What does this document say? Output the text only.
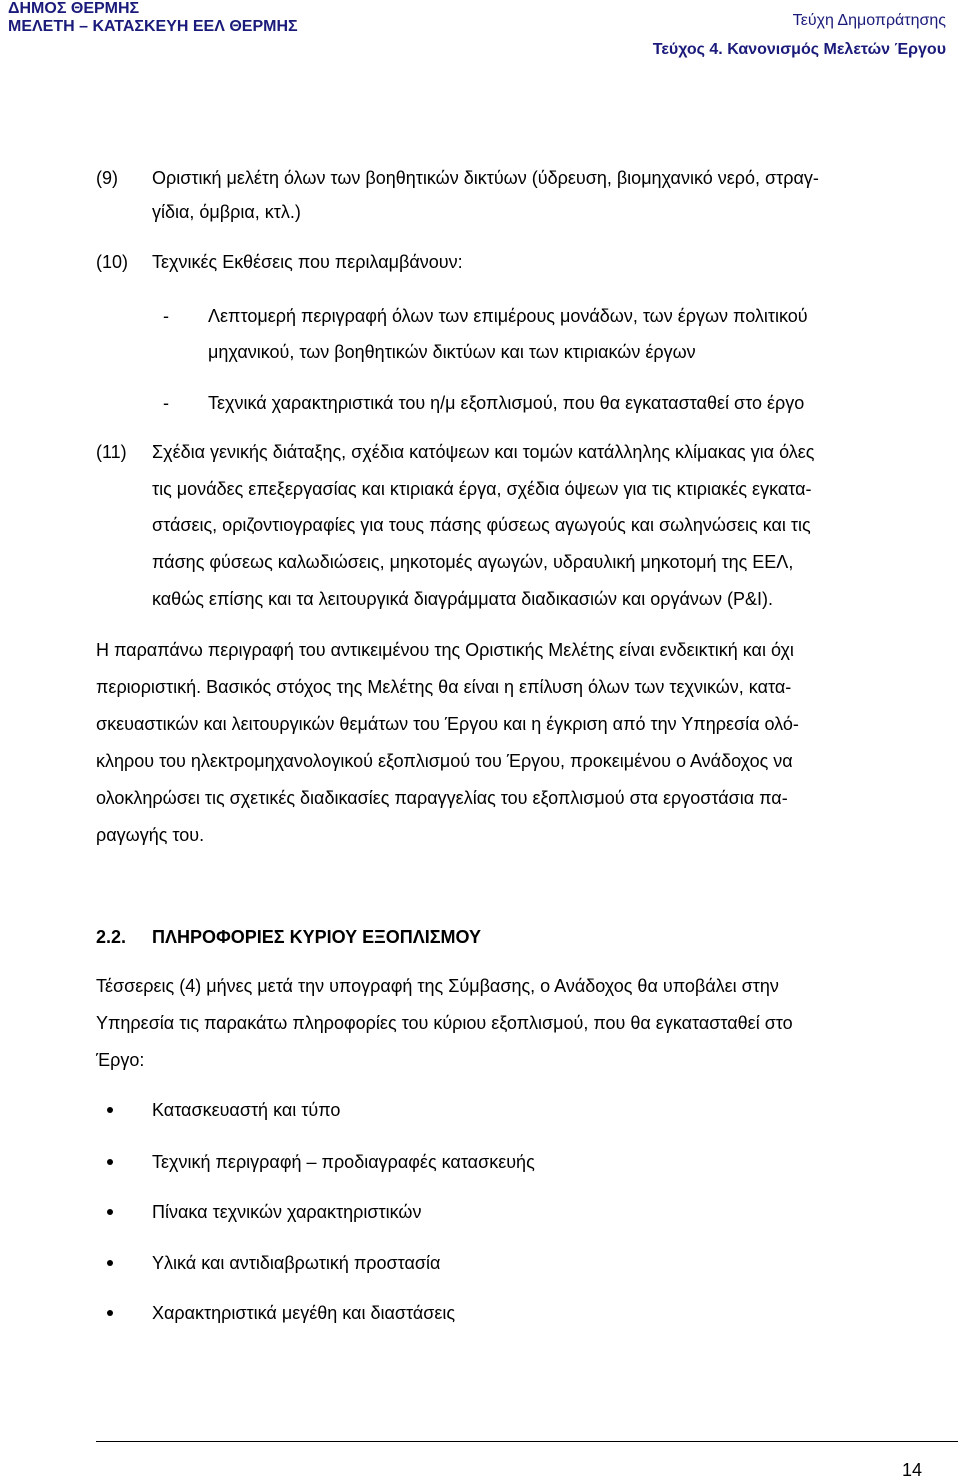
ΔΗΜΟΣ ΘΕΡΜΗΣ
ΜΕΛΕΤΗ – ΚΑΤΑΣΚΕΥΗ ΕΕΛ ΘΕΡΜΗΣ	Τεύχη Δημοπράτησης
Τεύχος 4. Κανονισμός Μελετών Έργου
(9) Οριστική μελέτη όλων των βοηθητικών δικτύων (ύδρευση, βιομηχανικό νερό, στραγ-
γίδια, όμβρια, κτλ.)
(10) Τεχνικές Εκθέσεις που περιλαμβάνουν:
- Λεπτομερή περιγραφή όλων των επιμέρους μονάδων, των έργων πολιτικού
μηχανικού, των βοηθητικών δικτύων και των κτιριακών έργων
- Τεχνικά χαρακτηριστικά του η/μ εξοπλισμού, που θα εγκατασταθεί στο έργο
(11) Σχέδια γενικής διάταξης, σχέδια κατόψεων και τομών κατάλληλης κλίμακας για όλες
τις μονάδες επεξεργασίας και κτιριακά έργα, σχέδια όψεων για τις κτιριακές εγκατα-
στάσεις, οριζοντιογραφίες για τους πάσης φύσεως αγωγούς και σωληνώσεις και τις
πάσης φύσεως καλωδιώσεις, μηκοτομές αγωγών, υδραυλική μηκοτομή της ΕΕΛ,
καθώς επίσης και τα λειτουργικά διαγράμματα διαδικασιών και οργάνων (P&I).
Η παραπάνω περιγραφή του αντικειμένου της Οριστικής Μελέτης είναι ενδεικτική και όχι
περιοριστική. Βασικός στόχος της Μελέτης θα είναι η επίλυση όλων των τεχνικών, κατα-
σκευαστικών και λειτουργικών θεμάτων του Έργου και η έγκριση από την Υπηρεσία ολό-
κληρου του ηλεκτρομηχανολογικού εξοπλισμού του Έργου, προκειμένου ο Ανάδοχος να
ολοκληρώσει τις σχετικές διαδικασίες παραγγελίας του εξοπλισμού στα εργοστάσια πα-
ραγωγής του.
2.2. ΠΛΗΡΟΦΟΡΙΕΣ ΚΥΡΙΟΥ ΕΞΟΠΛΙΣΜΟΥ
Τέσσερεις (4) μήνες μετά την υπογραφή της Σύμβασης, ο Ανάδοχος θα υποβάλει στην
Υπηρεσία τις παρακάτω πληροφορίες του κύριου εξοπλισμού, που θα εγκατασταθεί στο
Έργο:
Κατασκευαστή και τύπο
Τεχνική περιγραφή – προδιαγραφές κατασκευής
Πίνακα τεχνικών χαρακτηριστικών
Υλικά και αντιδιαβρωτική προστασία
Χαρακτηριστικά μεγέθη και διαστάσεις
14
